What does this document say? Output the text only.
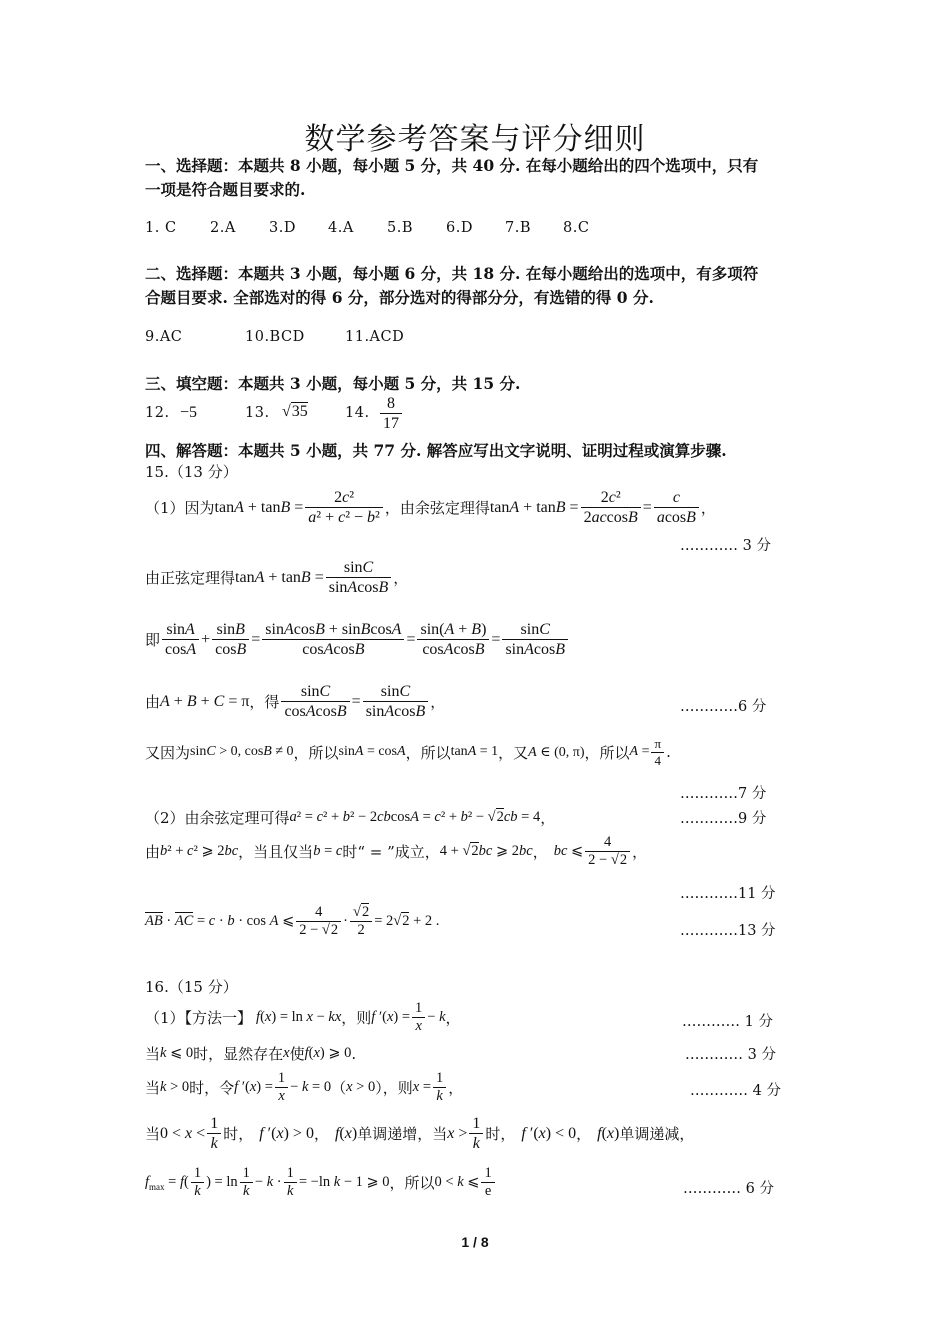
数学参考答案与评分细则
一、选择题：本题共 8 小题，每小题 5 分，共 40 分. 在每小题给出的四个选项中，只有
一项是符合题目要求的.
1. C 2.A 3.D 4.A 5.B 6.D 7.B 8.C
二、选择题：本题共 3 小题，每小题 6 分，共 18 分. 在每小题给出的选项中，有多项符
合题目要求. 全部选对的得 6 分，部分选对的得部分分，有选错的得 0 分.
9.AC	10.BCD	11.ACD
三、填空题：本题共 3 小题，每小题 5 分，共 15 分.
12. −5	13. √35	14. $\frac{8}{17}$
四、解答题：本题共 5 小题，共 77 分. 解答应写出文字说明、证明过程或演算步骤.
15.（13 分）
（1）因为 $\tan A + \tan B = \frac{\text{2c²}}{\text{a² + c² − b²}}$ ，由余弦定理得 $\tan A + \tan B = \frac{\text{2c²}}{2accosB} = \frac{c}{acosB}$ ，
………… 3 分
由正弦定理得 $\tan A + \tan B = \frac{\sin C}{\text{sinAcosB}}$ ，
即 $\frac{\sin A}{\cos A} + \frac{\sin B}{\cos B} = \frac{\text{sinAcosB + sinBcosA}}{\text{cosAcosB}} = \frac{\sin(A + B)}{\text{cosAcosB}} = \frac{\sin C}{\text{sinAcosB}}$
由 A + B + C = π ，得 $\frac{\sin C}{\text{cosAcosB}} = \frac{\sin C}{\text{sinAcosB}}$ ，	…………6 分
又因为 sinC > 0, cosB ≠ 0 ，所以 sinA = cosA ，所以 tanA = 1 ，又 A ∈ (0, π) ，所以 $A = \frac{\pi}{4}$ .
…………7 分
（2）由余弦定理可得 a² = c² + b² − 2cbcosA = c² + b² − √2cb = 4 ，	…………9 分
由 b² + c² ⩾ 2bc ，当且仅当 b = c 时“ = ”成立， 4 + √2bc ⩾ 2bc ， bc ⩽ $\frac{4}{2 - √2}$ ，
…………11 分
AB · AC = c · b · cos A ⩽ $\frac{4}{2 - √2} \cdot \frac{√2}{2} = 2√2 + 2$ .
…………13 分
16.（15 分）
（1）【方法一】 f(x) = ln x − kx ，则 f $'(x) = \frac{1}{x} - k$ ，	………… 1 分
当 k ⩽ 0 时，显然存在 x 使 f(x) ⩾ 0 .	………… 3 分
当 k > 0 时，令 f $'(x) = \frac{1}{x} - k = 0$ （ x > 0 ），则 $x = \frac{1}{k}$ ，	………… 4 分
当 $0 < x < \frac{1}{k}$ 时， f ′(x) > 0 ， f(x) 单调递增，当 $x > \frac{1}{k}$ 时， f ′(x) < 0 ， f(x) 单调递减，
$f_{max} = f( \frac{1}{k}$ ) = $\ln \frac{1}{k} - k \cdot \frac{1}{k} = -\ln$ k − 1 ⩾ 0 ，所以 0 < k ⩽ $\frac{1}{e}$	………… 6 分
1 / 8
